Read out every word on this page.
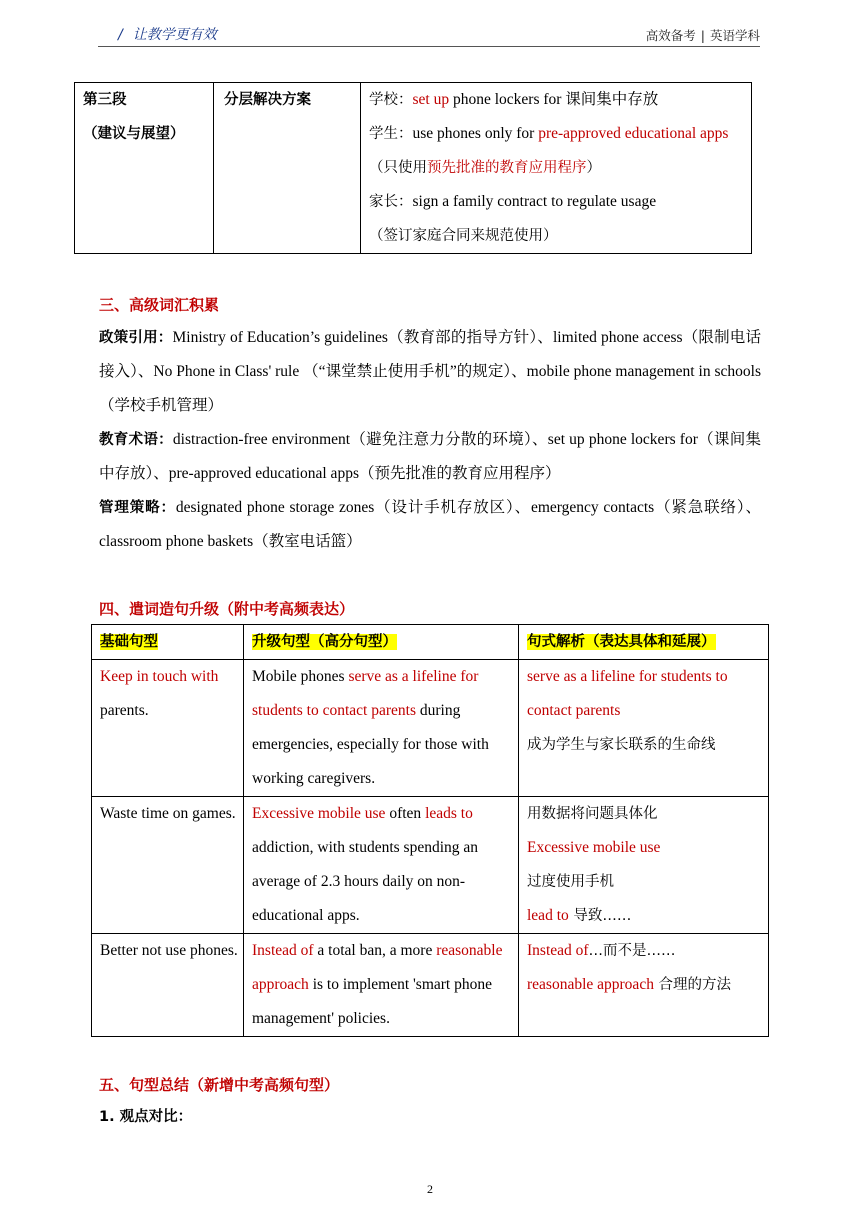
/ 让教学更有效	高效备考 | 英语学科
第三段
（建议与展望）
	分层解决方案	学校：set up phone lockers for 课间集中存放
学生：use phones only for pre-approved educational apps（只使用预先批准的教育应用程序）
家长：sign a family contract to regulate usage
（签订家庭合同来规范使用）
三、高级词汇积累
政策引用：Ministry of Education’s guidelines（教育部的指导方针）、limited phone access（限制电话接入）、No Phone in Class' rule （“课堂禁止使用手机”的规定）、mobile phone management in schools（学校手机管理）
教育术语：distraction-free environment（避免注意力分散的环境）、set up phone lockers for（课间集中存放）、pre-approved educational apps（预先批准的教育应用程序）
管理策略：designated phone storage zones（设计手机存放区）、emergency contacts（紧急联络）、classroom phone baskets（教室电话篮）
四、遣词造句升级（附中考高频表达）
基础句型	升级句型（高分句型）	句式解析（表达具体和延展）
Keep in touch with parents.	Mobile phones serve as a lifeline for students to contact parents during emergencies, especially for those with working caregivers.	serve as a lifeline for students to contact parents
成为学生与家长联系的生命线

Waste time on games.	Excessive mobile use often leads to addiction, with students spending an average of 2.3 hours daily on non-educational apps.	用数据将问题具体化
Excessive mobile use
过度使用手机
lead to 导致……

Better not use phones.	Instead of a total ban, a more reasonable approach is to implement 'smart phone management' policies.	Instead of…而不是……
reasonable approach 合理的方法
五、句型总结（新增中考高频句型）
1. 观点对比：
2
